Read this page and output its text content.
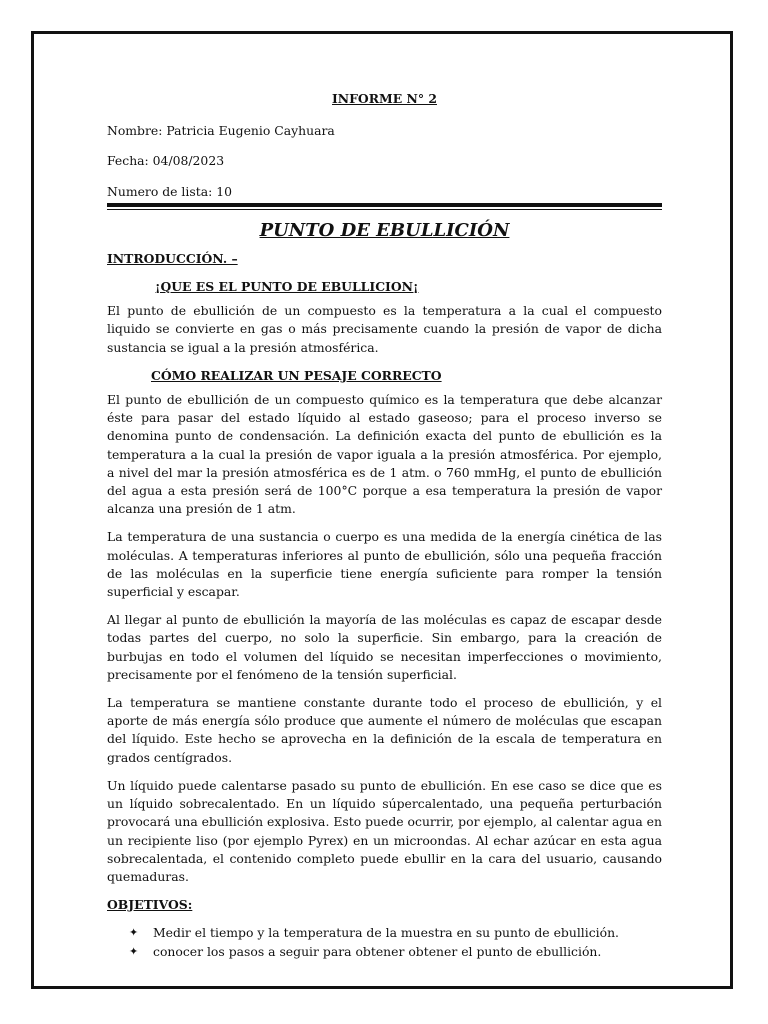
INFORME N° 2

Nombre: Patricia Eugenio Cayhuara

Fecha: 04/08/2023

Numero de lista: 10

PUNTO DE EBULLICIÓN

INTRODUCCIÓN. –

¡QUE ES EL PUNTO DE EBULLICION¡

El punto de ebullición de un compuesto es la temperatura a la cual el compuesto liquido se convierte en gas o más precisamente cuando la presión de vapor de dicha sustancia se igual a la presión atmosférica.

CÓMO REALIZAR UN PESAJE CORRECTO

El punto de ebullición de un compuesto químico es la temperatura que debe alcanzar éste para pasar del estado líquido al estado gaseoso; para el proceso inverso se denomina punto de condensación. La definición exacta del punto de ebullición es la temperatura a la cual la presión de vapor iguala a la presión atmosférica. Por ejemplo, a nivel del mar la presión atmosférica es de 1 atm. o 760 mmHg, el punto de ebullición del agua a esta presión será de 100°C porque a esa temperatura la presión de vapor alcanza una presión de 1 atm.

La temperatura de una sustancia o cuerpo es una medida de la energía cinética de las moléculas. A temperaturas inferiores al punto de ebullición, sólo una pequeña fracción de las moléculas en la superficie tiene energía suficiente para romper la tensión superficial y escapar.

Al llegar al punto de ebullición la mayoría de las moléculas es capaz de escapar desde todas partes del cuerpo, no solo la superficie. Sin embargo, para la creación de burbujas en todo el volumen del líquido se necesitan imperfecciones o movimiento, precisamente por el fenómeno de la tensión superficial.

La temperatura se mantiene constante durante todo el proceso de ebullición, y el aporte de más energía sólo produce que aumente el número de moléculas que escapan del líquido. Este hecho se aprovecha en la definición de la escala de temperatura en grados centígrados.

Un líquido puede calentarse pasado su punto de ebullición. En ese caso se dice que es un líquido sobrecalentado. En un líquido súpercalentado, una pequeña perturbación provocará una ebullición explosiva. Esto puede ocurrir, por ejemplo, al calentar agua en un recipiente liso (por ejemplo Pyrex) en un microondas. Al echar azúcar en esta agua sobrecalentada, el contenido completo puede ebullir en la cara del usuario, causando quemaduras.

OBJETIVOS:

✦ Medir el tiempo y la temperatura de la muestra en su punto de ebullición.
✦ conocer los pasos a seguir para obtener obtener el punto de ebullición.
